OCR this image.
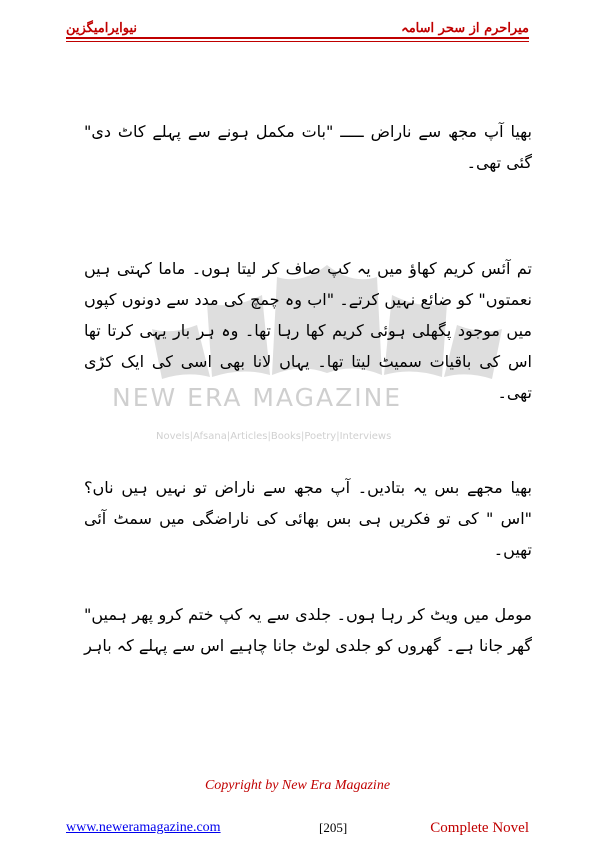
نیوایرامیگزین	میراحرم از سحر اسامہ
NEW ERA MAGAZINE
Novels|Afsana|Articles|Books|Poetry|Interviews

بھیا آپ مجھ سے ناراض ـــــ "بات مکمل ہونے سے پہلے کاٹ دی" گئی تھی۔

تم آئس کریم کھاؤ میں یہ کپ صاف کر لیتا ہوں۔ ماما کہتی ہیں نعمتوں" کو ضائع نہیں کرتے۔ "اب وہ چمچ کی مدد سے دونوں کپوں میں موجود پگھلی ہوئی کریم کھا رہا تھا۔ وہ ہر بار یہی کرتا تھا اس کی باقیات سمیٹ لیتا تھا۔ یہاں لانا بھی اسی کی ایک کڑی تھی۔

بھیا مجھے بس یہ بتادیں۔ آپ مجھ سے ناراض تو نہیں ہیں ناں؟ "اس " کی تو فکریں ہی بس بھائی کی ناراضگی میں سمٹ آئی تھیں۔

مومل میں ویٹ کر رہا ہوں۔ جلدی سے یہ کپ ختم کرو پھر ہمیں" گھر جانا ہے۔ گھروں کو جلدی لوٹ جانا چاہیے اس سے پہلے کہ باہر

Copyright by New Era Magazine
www.neweramagazine.com	[205]	Complete Novel
